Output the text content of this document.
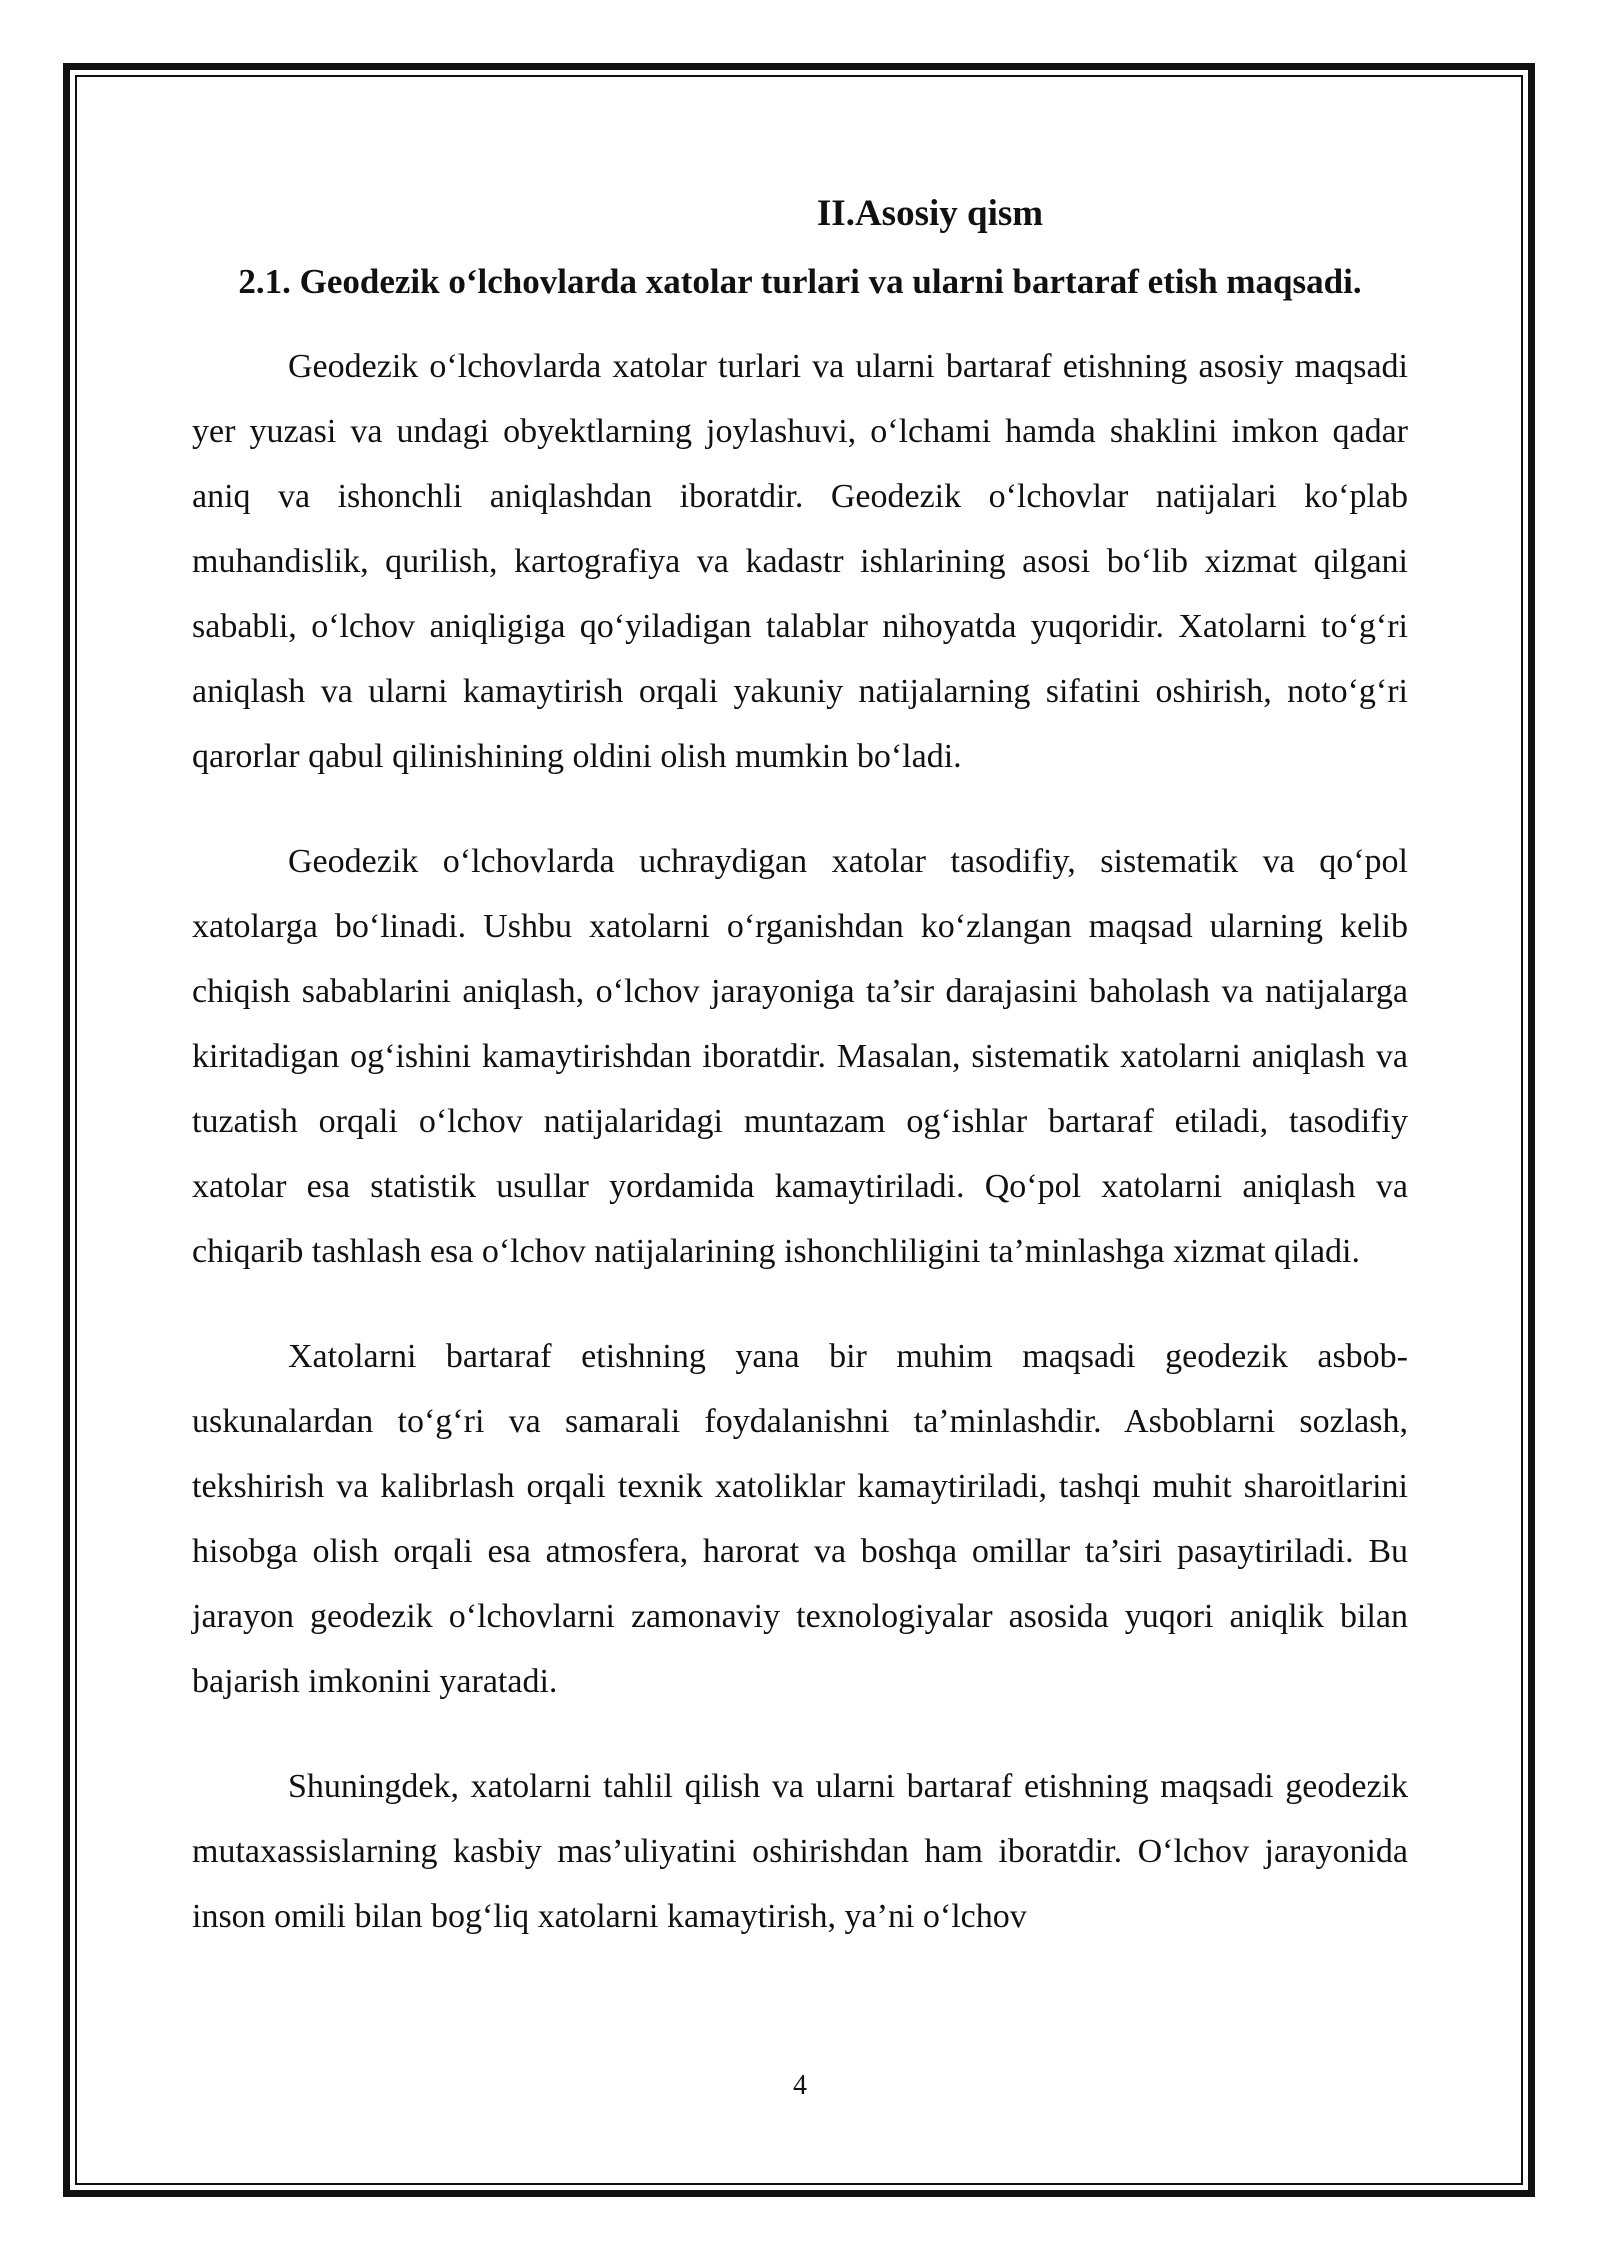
II.Asosiy qism
2.1. Geodezik o‘lchovlarda xatolar turlari va ularni bartaraf etish maqsadi.

Geodezik o‘lchovlarda xatolar turlari va ularni bartaraf etishning asosiy maqsadi yer yuzasi va undagi obyektlarning joylashuvi, o‘lchami hamda shaklini imkon qadar aniq va ishonchli aniqlashdan iboratdir. Geodezik o‘lchovlar natijalari ko‘plab muhandislik, qurilish, kartografiya va kadastr ishlarining asosi bo‘lib xizmat qilgani sababli, o‘lchov aniqligiga qo‘yiladigan talablar nihoyatda yuqoridir. Xatolarni to‘g‘ri aniqlash va ularni kamaytirish orqali yakuniy natijalarning sifatini oshirish, noto‘g‘ri qarorlar qabul qilinishining oldini olish mumkin bo‘ladi.

Geodezik o‘lchovlarda uchraydigan xatolar tasodifiy, sistematik va qo‘pol xatolarga bo‘linadi. Ushbu xatolarni o‘rganishdan ko‘zlangan maqsad ularning kelib chiqish sabablarini aniqlash, o‘lchov jarayoniga ta’sir darajasini baholash va natijalarga kiritadigan og‘ishini kamaytirishdan iboratdir. Masalan, sistematik xatolarni aniqlash va tuzatish orqali o‘lchov natijalaridagi muntazam og‘ishlar bartaraf etiladi, tasodifiy xatolar esa statistik usullar yordamida kamaytiriladi. Qo‘pol xatolarni aniqlash va chiqarib tashlash esa o‘lchov natijalarining ishonchliligini ta’minlashga xizmat qiladi.

Xatolarni bartaraf etishning yana bir muhim maqsadi geodezik asbob-uskunalardan to‘g‘ri va samarali foydalanishni ta’minlashdir. Asboblarni sozlash, tekshirish va kalibrlash orqali texnik xatoliklar kamaytiriladi, tashqi muhit sharoitlarini hisobga olish orqali esa atmosfera, harorat va boshqa omillar ta’siri pasaytiriladi. Bu jarayon geodezik o‘lchovlarni zamonaviy texnologiyalar asosida yuqori aniqlik bilan bajarish imkonini yaratadi.

Shuningdek, xatolarni tahlil qilish va ularni bartaraf etishning maqsadi geodezik mutaxassislarning kasbiy mas’uliyatini oshirishdan ham iboratdir. O‘lchov jarayonida inson omili bilan bog‘liq xatolarni kamaytirish, ya’ni o‘lchov

4
